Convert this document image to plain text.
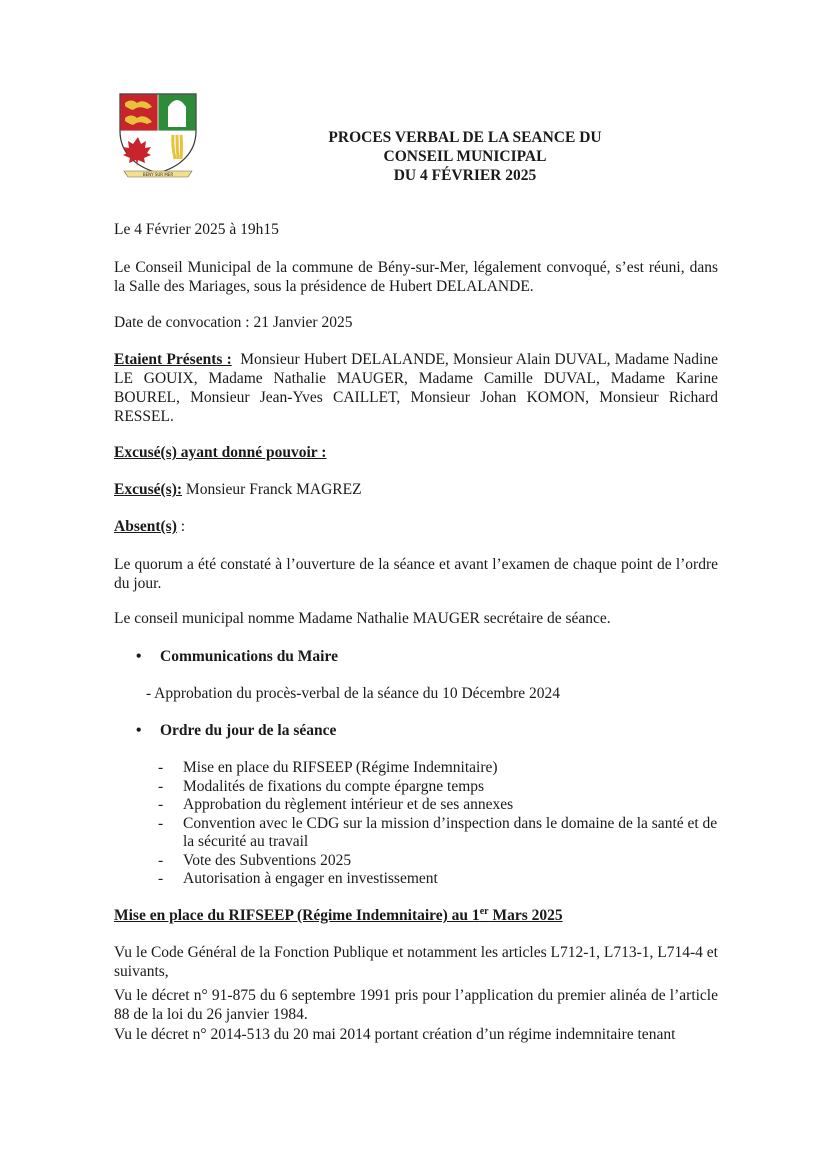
BENY SUR MER
PROCES VERBAL DE LA SEANCE DU
CONSEIL MUNICIPAL
DU 4 FÉVRIER 2025

Le 4 Février 2025 à 19h15

Le Conseil Municipal de la commune de Bény-sur-Mer, légalement convoqué, s’est réuni, dans la Salle des Mariages, sous la présidence de Hubert DELALANDE.

Date de convocation : 21 Janvier 2025

Etaient Présents : Monsieur Hubert DELALANDE, Monsieur Alain DUVAL, Madame Nadine LE GOUIX, Madame Nathalie MAUGER, Madame Camille DUVAL, Madame Karine BOUREL, Monsieur Jean-Yves CAILLET, Monsieur Johan KOMON, Monsieur Richard RESSEL.

Excusé(s) ayant donné pouvoir :

Excusé(s): Monsieur Franck MAGREZ

Absent(s) :

Le quorum a été constaté à l’ouverture de la séance et avant l’examen de chaque point de l’ordre du jour.

Le conseil municipal nomme Madame Nathalie MAUGER secrétaire de séance.

• Communications du Maire

- Approbation du procès-verbal de la séance du 10 Décembre 2024

• Ordre du jour de la séance
- Mise en place du RIFSEEP (Régime Indemnitaire)
- Modalités de fixations du compte épargne temps
- Approbation du règlement intérieur et de ses annexes
- Convention avec le CDG sur la mission d’inspection dans le domaine de la santé et de la sécurité au travail
- Vote des Subventions 2025
- Autorisation à engager en investissement
Mise en place du RIFSEEP (Régime Indemnitaire) au 1er Mars 2025

Vu le Code Général de la Fonction Publique et notamment les articles L712-1, L713-1, L714-4 et suivants,

Vu le décret n° 91-875 du 6 septembre 1991 pris pour l’application du premier alinéa de l’article 88 de la loi du 26 janvier 1984.

Vu le décret n° 2014-513 du 20 mai 2014 portant création d’un régime indemnitaire tenant
